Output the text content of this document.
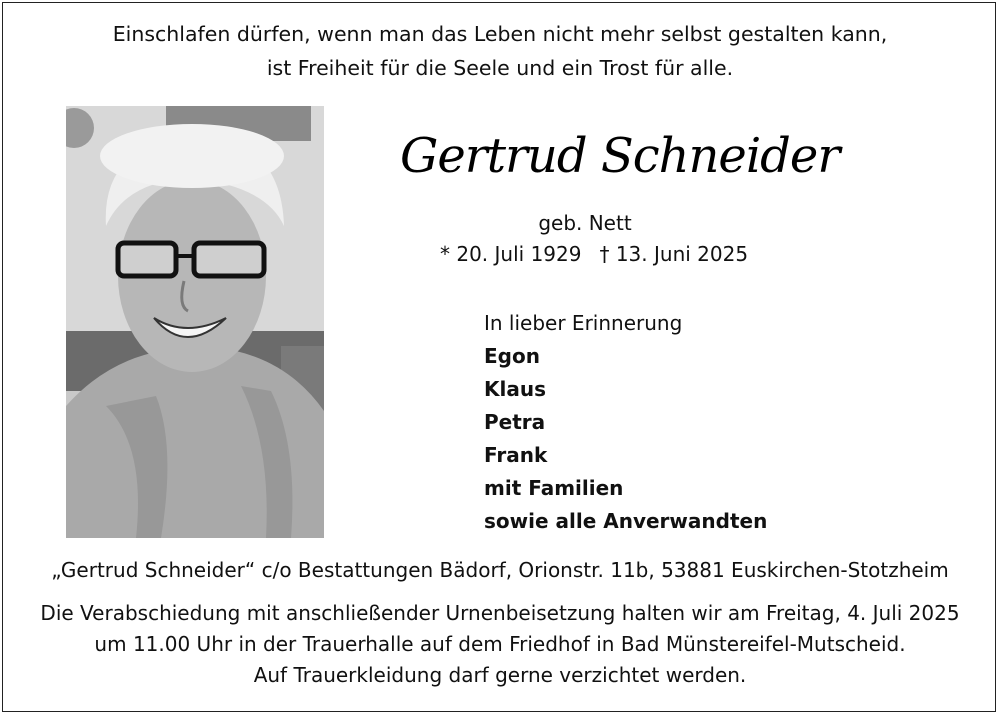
Einschlafen dürfen, wenn man das Leben nicht mehr selbst gestalten kann,
ist Freiheit für die Seele und ein Trost für alle.
Gertrud Schneider
geb. Nett
* 20. Juli 1929 † 13. Juni 2025
In lieber Erinnerung
Egon
Klaus
Petra
Frank
mit Familien
sowie alle Anverwandten
„Gertrud Schneider“ c/o Bestattungen Bädorf, Orionstr. 11b, 53881 Euskirchen-Stotzheim
Die Verabschiedung mit anschließender Urnenbeisetzung halten wir am Freitag, 4. Juli 2025
um 11.00 Uhr in der Trauerhalle auf dem Friedhof in Bad Münstereifel-Mutscheid.
Auf Trauerkleidung darf gerne verzichtet werden.
